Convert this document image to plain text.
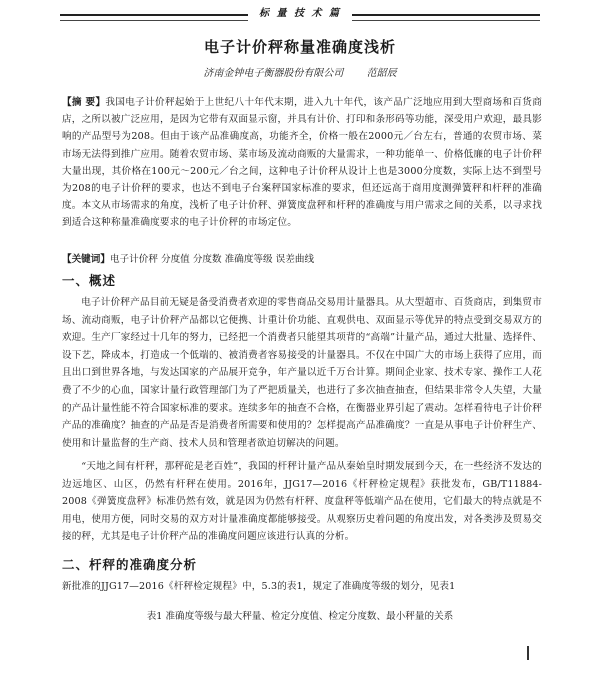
标 量 技 术 篇
电子计价秤称量准确度浅析
济南金钟电子衡器股份有限公司 范韶辰
【摘 要】我国电子计价秤起始于上世纪八十年代末期，进入九十年代，该产品广泛地应用到大型商场和百货商店，之所以被广泛应用，是因为它带有双面显示窗，并具有计价、打印和条形码等功能，深受用户欢迎，最具影响的产品型号为208。但由于该产品准确度高，功能齐全，价格一般在2000元／台左右，普通的农贸市场、菜市场无法得到推广应用。随着农贸市场、菜市场及流动商贩的大量需求，一种功能单一、价格低廉的电子计价秤大量出现，其价格在100元～200元／台之间，这种电子计价秤从设计上也是3000分度数，实际上达不到型号为208的电子计价秤的要求，也达不到电子台案秤国家标准的要求，但还远高于商用度测弹簧秤和杆秤的准确度。本文从市场需求的角度，浅析了电子计价秤、弹簧度盘秤和杆秤的准确度与用户需求之间的关系，以寻求找到适合这种称量准确度要求的电子计价秤的市场定位。
【关键词】电子计价秤 分度值 分度数 准确度等级 误差曲线
一、概述
电子计价秤产品目前无疑是备受消费者欢迎的零售商品交易用计量器具。从大型超市、百货商店，到集贸市场、流动商贩，电子计价秤产品都以它便携、计重计价功能、直观供电、双面显示等优异的特点受到交易双方的欢迎。生产厂家经过十几年的努力，已经把一个消费者只能望其项背的“高端”计量产品，通过大批量、选择件、设下艺，降成本，打造成一个低端的、被消费者容易接受的计量器具。不仅在中国广大的市场上获得了应用，而且出口到世界各地，与发达国家的产品展开竞争，年产量以近千万台计算。期间企业家、技术专家、操作工人花费了不少的心血，国家计量行政管理部门为了严把质量关，也进行了多次抽查抽查，但结果非常令人失望，大量的产品计量性能不符合国家标准的要求。连续多年的抽查不合格，在衡器业界引起了震动。怎样看待电子计价秤产品的准确度？抽查的产品是否是消费者所需要和使用的？怎样提高产品准确度？一直是从事电子计价秤生产、使用和计量监督的生产商、技术人员和管理者欲迫切解决的问题。
“天地之间有杆秤，那秤砣是老百姓”，我国的杆秤计量产品从秦始皇时期发展到今天，在一些经济不发达的边远地区、山区，仍然有杆秤在使用。2016年，JJG17—2016《杆秤检定规程》获批发布，GB/T11884-2008《弹簧度盘秤》标准仍然有效，就是因为仍然有杆秤、度盘秤等低端产品在使用，它们最大的特点就是不用电，使用方便，同时交易的双方对计量准确度都能够接受。从观察历史着问题的角度出发，对各类涉及贸易交接的秤，尤其是电子计价秤产品的准确度问题应该进行认真的分析。
二、杆秤的准确度分析
新批准的JJG17—2016《杆秤检定规程》中，5.3的表1，规定了准确度等级的划分，见表1
表1 准确度等级与最大秤量、检定分度值、检定分度数、最小秤量的关系
